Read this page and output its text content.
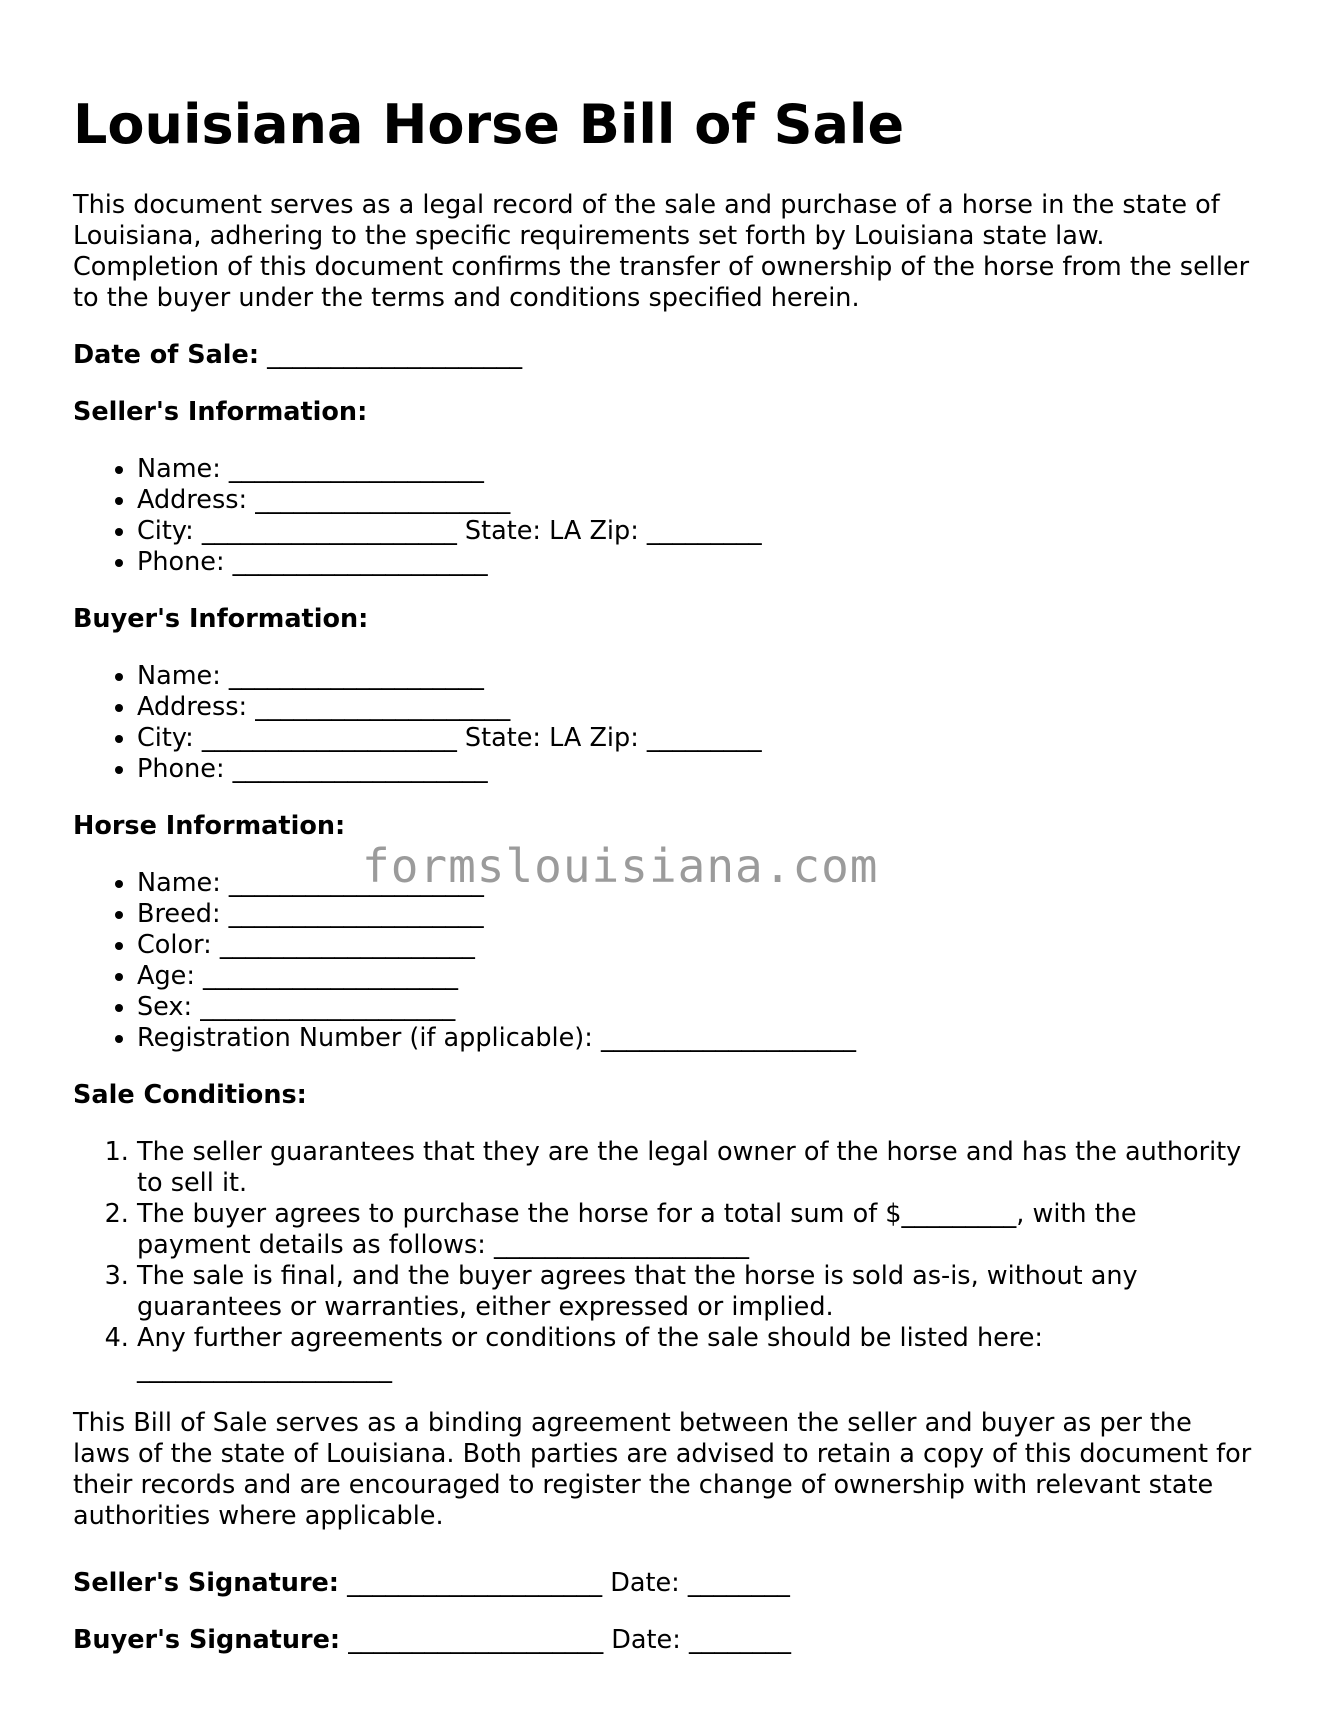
Louisiana Horse Bill of Sale

This document serves as a legal record of the sale and purchase of a horse in the state of Louisiana, adhering to the specific requirements set forth by Louisiana state law. Completion of this document confirms the transfer of ownership of the horse from the seller to the buyer under the terms and conditions specified herein.

Date of Sale: ____________________

Seller's Information:

• Name: ____________________
• Address: ____________________
• City: ____________________ State: LA Zip: _________
• Phone: ____________________

Buyer's Information:

• Name: ____________________
• Address: ____________________
• City: ____________________ State: LA Zip: _________
• Phone: ____________________

Horse Information:

• Name: ____________________
• Breed: ____________________
• Color: ____________________
• Age: ____________________
• Sex: ____________________
• Registration Number (if applicable): ____________________

Sale Conditions:

1. The seller guarantees that they are the legal owner of the horse and has the authority to sell it.
2. The buyer agrees to purchase the horse for a total sum of $_________, with the payment details as follows: ____________________
3. The sale is final, and the buyer agrees that the horse is sold as-is, without any guarantees or warranties, either expressed or implied.
4. Any further agreements or conditions of the sale should be listed here: ____________________

This Bill of Sale serves as a binding agreement between the seller and buyer as per the laws of the state of Louisiana. Both parties are advised to retain a copy of this document for their records and are encouraged to register the change of ownership with relevant state authorities where applicable.

Seller's Signature: ____________________ Date: ________

Buyer's Signature: ____________________ Date: ________

formslouisiana.com
